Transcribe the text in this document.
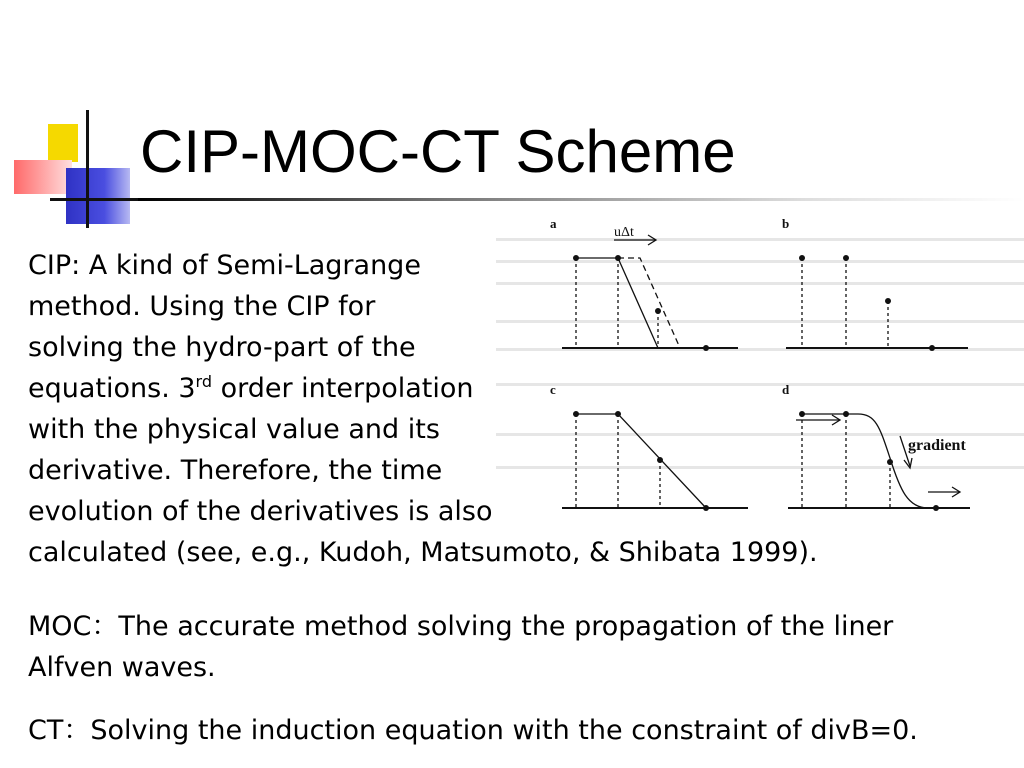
CIP-MOC-CT Scheme
a
uΔt
b
c	d
gradient
CIP: A kind of Semi-Lagrange
method. Using the CIP for
solving the hydro-part of the
equations. 3rd order interpolation
with the physical value and its
derivative. Therefore, the time
evolution of the derivatives is also
calculated (see, e.g., Kudoh, Matsumoto, & Shibata 1999).
MOC：The accurate method solving the propagation of the liner
Alfven waves.
CT：Solving the induction equation with the constraint of divB=0.
